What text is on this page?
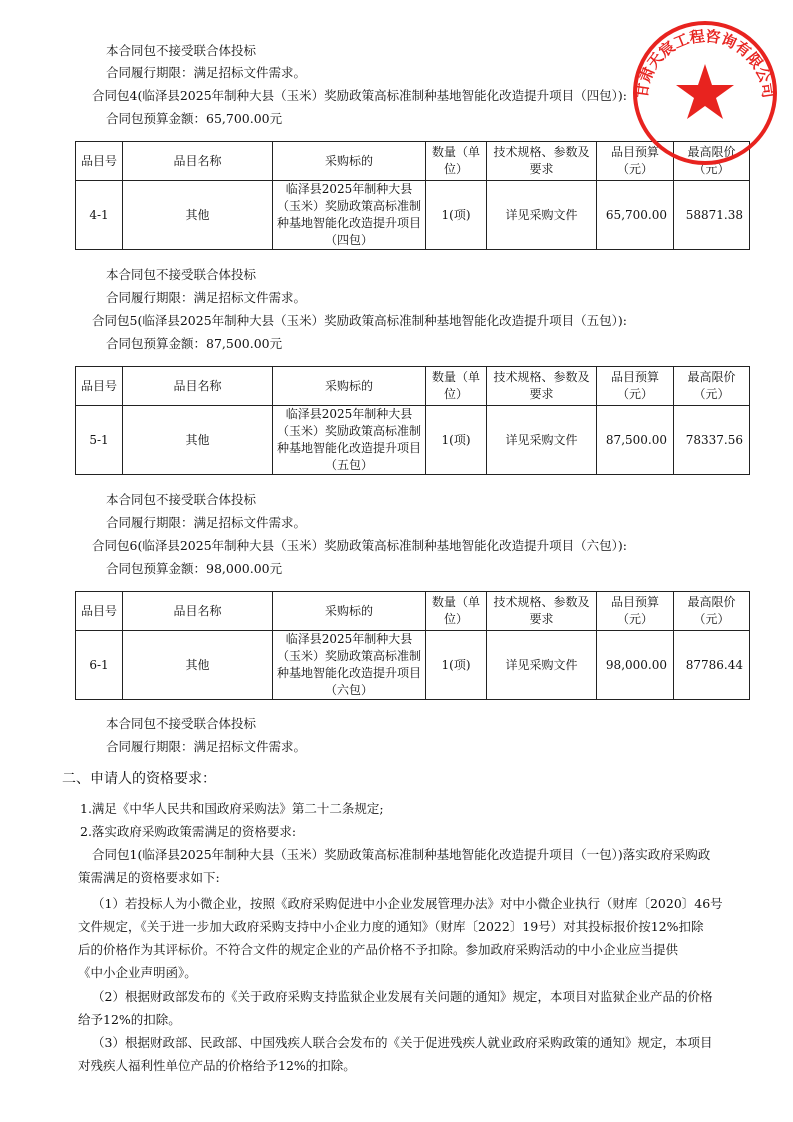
本合同包不接受联合体投标
合同履行期限：满足招标文件需求。
合同包4(临泽县2025年制种大县（玉米）奖励政策高标准制种基地智能化改造提升项目（四包）):
合同包预算金额：65,700.00元
品目号	品目名称	采购标的	数量（单位）	技术规格、参数及要求	品目预算（元）	最高限价（元）
4-1	其他	临泽县2025年制种大县（玉米）奖励政策高标准制种基地智能化改造提升项目（四包）	1(项)	详见采购文件	65,700.00	58871.38
本合同包不接受联合体投标
合同履行期限：满足招标文件需求。
合同包5(临泽县2025年制种大县（玉米）奖励政策高标准制种基地智能化改造提升项目（五包）):
合同包预算金额：87,500.00元
品目号	品目名称	采购标的	数量（单位）	技术规格、参数及要求	品目预算（元）	最高限价（元）
5-1	其他	临泽县2025年制种大县（玉米）奖励政策高标准制种基地智能化改造提升项目（五包）	1(项)	详见采购文件	87,500.00	78337.56
本合同包不接受联合体投标
合同履行期限：满足招标文件需求。
合同包6(临泽县2025年制种大县（玉米）奖励政策高标准制种基地智能化改造提升项目（六包）):
合同包预算金额：98,000.00元
品目号	品目名称	采购标的	数量（单位）	技术规格、参数及要求	品目预算（元）	最高限价（元）
6-1	其他	临泽县2025年制种大县（玉米）奖励政策高标准制种基地智能化改造提升项目（六包）	1(项)	详见采购文件	98,000.00	87786.44
本合同包不接受联合体投标
合同履行期限：满足招标文件需求。
二、申请人的资格要求：
1.满足《中华人民共和国政府采购法》第二十二条规定;
2.落实政府采购政策需满足的资格要求:
合同包1(临泽县2025年制种大县（玉米）奖励政策高标准制种基地智能化改造提升项目（一包）)落实政府采购政
策需满足的资格要求如下:
（1）若投标人为小微企业，按照《政府采购促进中小企业发展管理办法》对中小微企业执行（财库〔2020〕46号
文件规定，《关于进一步加大政府采购支持中小企业力度的通知》（财库〔2022〕19号）对其投标报价按12%扣除
后的价格作为其评标价。不符合文件的规定企业的产品价格不予扣除。参加政府采购活动的中小企业应当提供
《中小企业声明函》。
（2）根据财政部发布的《关于政府采购支持监狱企业发展有关问题的通知》规定，本项目对监狱企业产品的价格
给予12%的扣除。
（3）根据财政部、民政部、中国残疾人联合会发布的《关于促进残疾人就业政府采购政策的通知》规定，本项目
对残疾人福利性单位产品的价格给予12%的扣除。
甘肃天宸工程咨询有限公司
